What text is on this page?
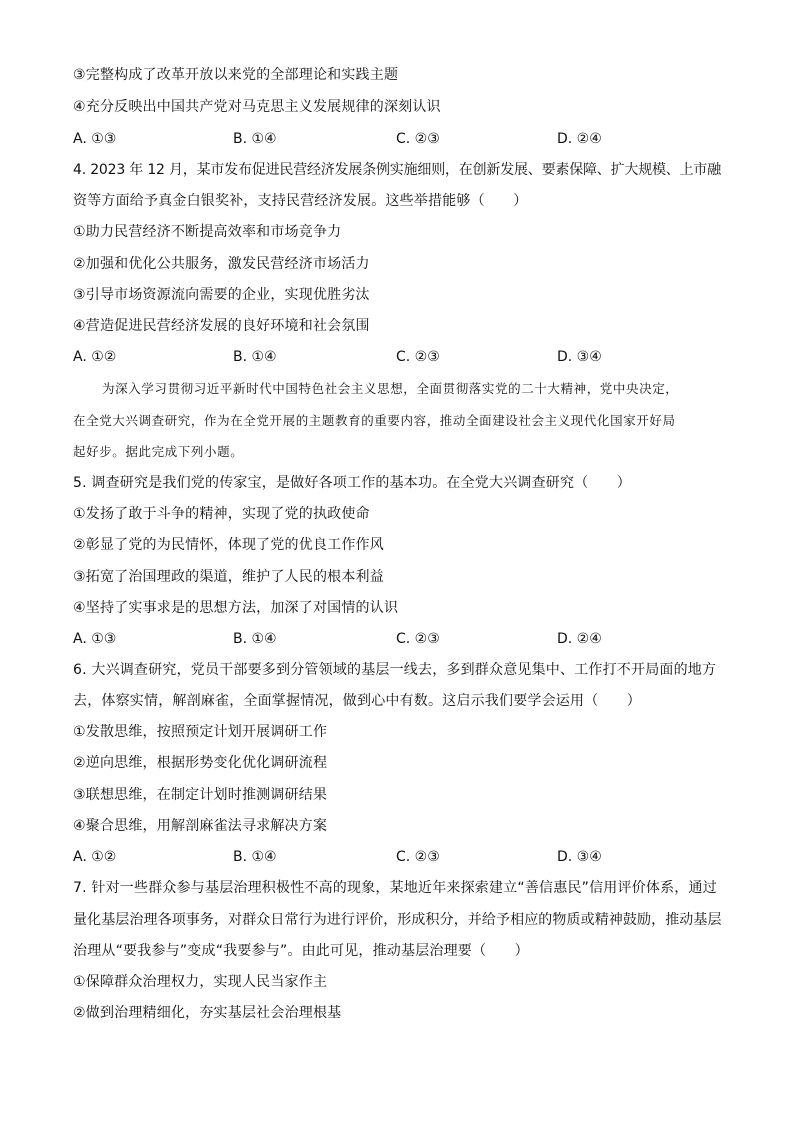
③完整构成了改革开放以来党的全部理论和实践主题
④充分反映出中国共产党对马克思主义发展规律的深刻认识
A. ①③	B. ①④	C. ②③	D. ②④
4. 2023 年 12 月，某市发布促进民营经济发展条例实施细则，在创新发展、要素保障、扩大规模、上市融
资等方面给予真金白银奖补，支持民营经济发展。这些举措能够（　　）
①助力民营经济不断提高效率和市场竞争力
②加强和优化公共服务，激发民营经济市场活力
③引导市场资源流向需要的企业，实现优胜劣汰
④营造促进民营经济发展的良好环境和社会氛围
A. ①②	B. ①④	C. ②③	D. ③④
为深入学习贯彻习近平新时代中国特色社会主义思想，全面贯彻落实党的二十大精神，党中央决定，
在全党大兴调查研究，作为在全党开展的主题教育的重要内容，推动全面建设社会主义现代化国家开好局
起好步。据此完成下列小题。
5. 调查研究是我们党的传家宝，是做好各项工作的基本功。在全党大兴调查研究（　　）
①发扬了敢于斗争的精神，实现了党的执政使命
②彰显了党的为民情怀，体现了党的优良工作作风
③拓宽了治国理政的渠道，维护了人民的根本利益
④坚持了实事求是的思想方法，加深了对国情的认识
A. ①③	B. ①④	C. ②③	D. ②④
6. 大兴调查研究，党员干部要多到分管领域的基层一线去，多到群众意见集中、工作打不开局面的地方
去，体察实情，解剖麻雀，全面掌握情况，做到心中有数。这启示我们要学会运用（　　）
①发散思维，按照预定计划开展调研工作
②逆向思维，根据形势变化优化调研流程
③联想思维，在制定计划时推测调研结果
④聚合思维，用解剖麻雀法寻求解决方案
A. ①②	B. ①④	C. ②③	D. ③④
7. 针对一些群众参与基层治理积极性不高的现象，某地近年来探索建立“善信惠民”信用评价体系，通过
量化基层治理各项事务，对群众日常行为进行评价，形成积分，并给予相应的物质或精神鼓励，推动基层
治理从“要我参与”变成“我要参与”。由此可见，推动基层治理要（　　）
①保障群众治理权力，实现人民当家作主
②做到治理精细化，夯实基层社会治理根基
